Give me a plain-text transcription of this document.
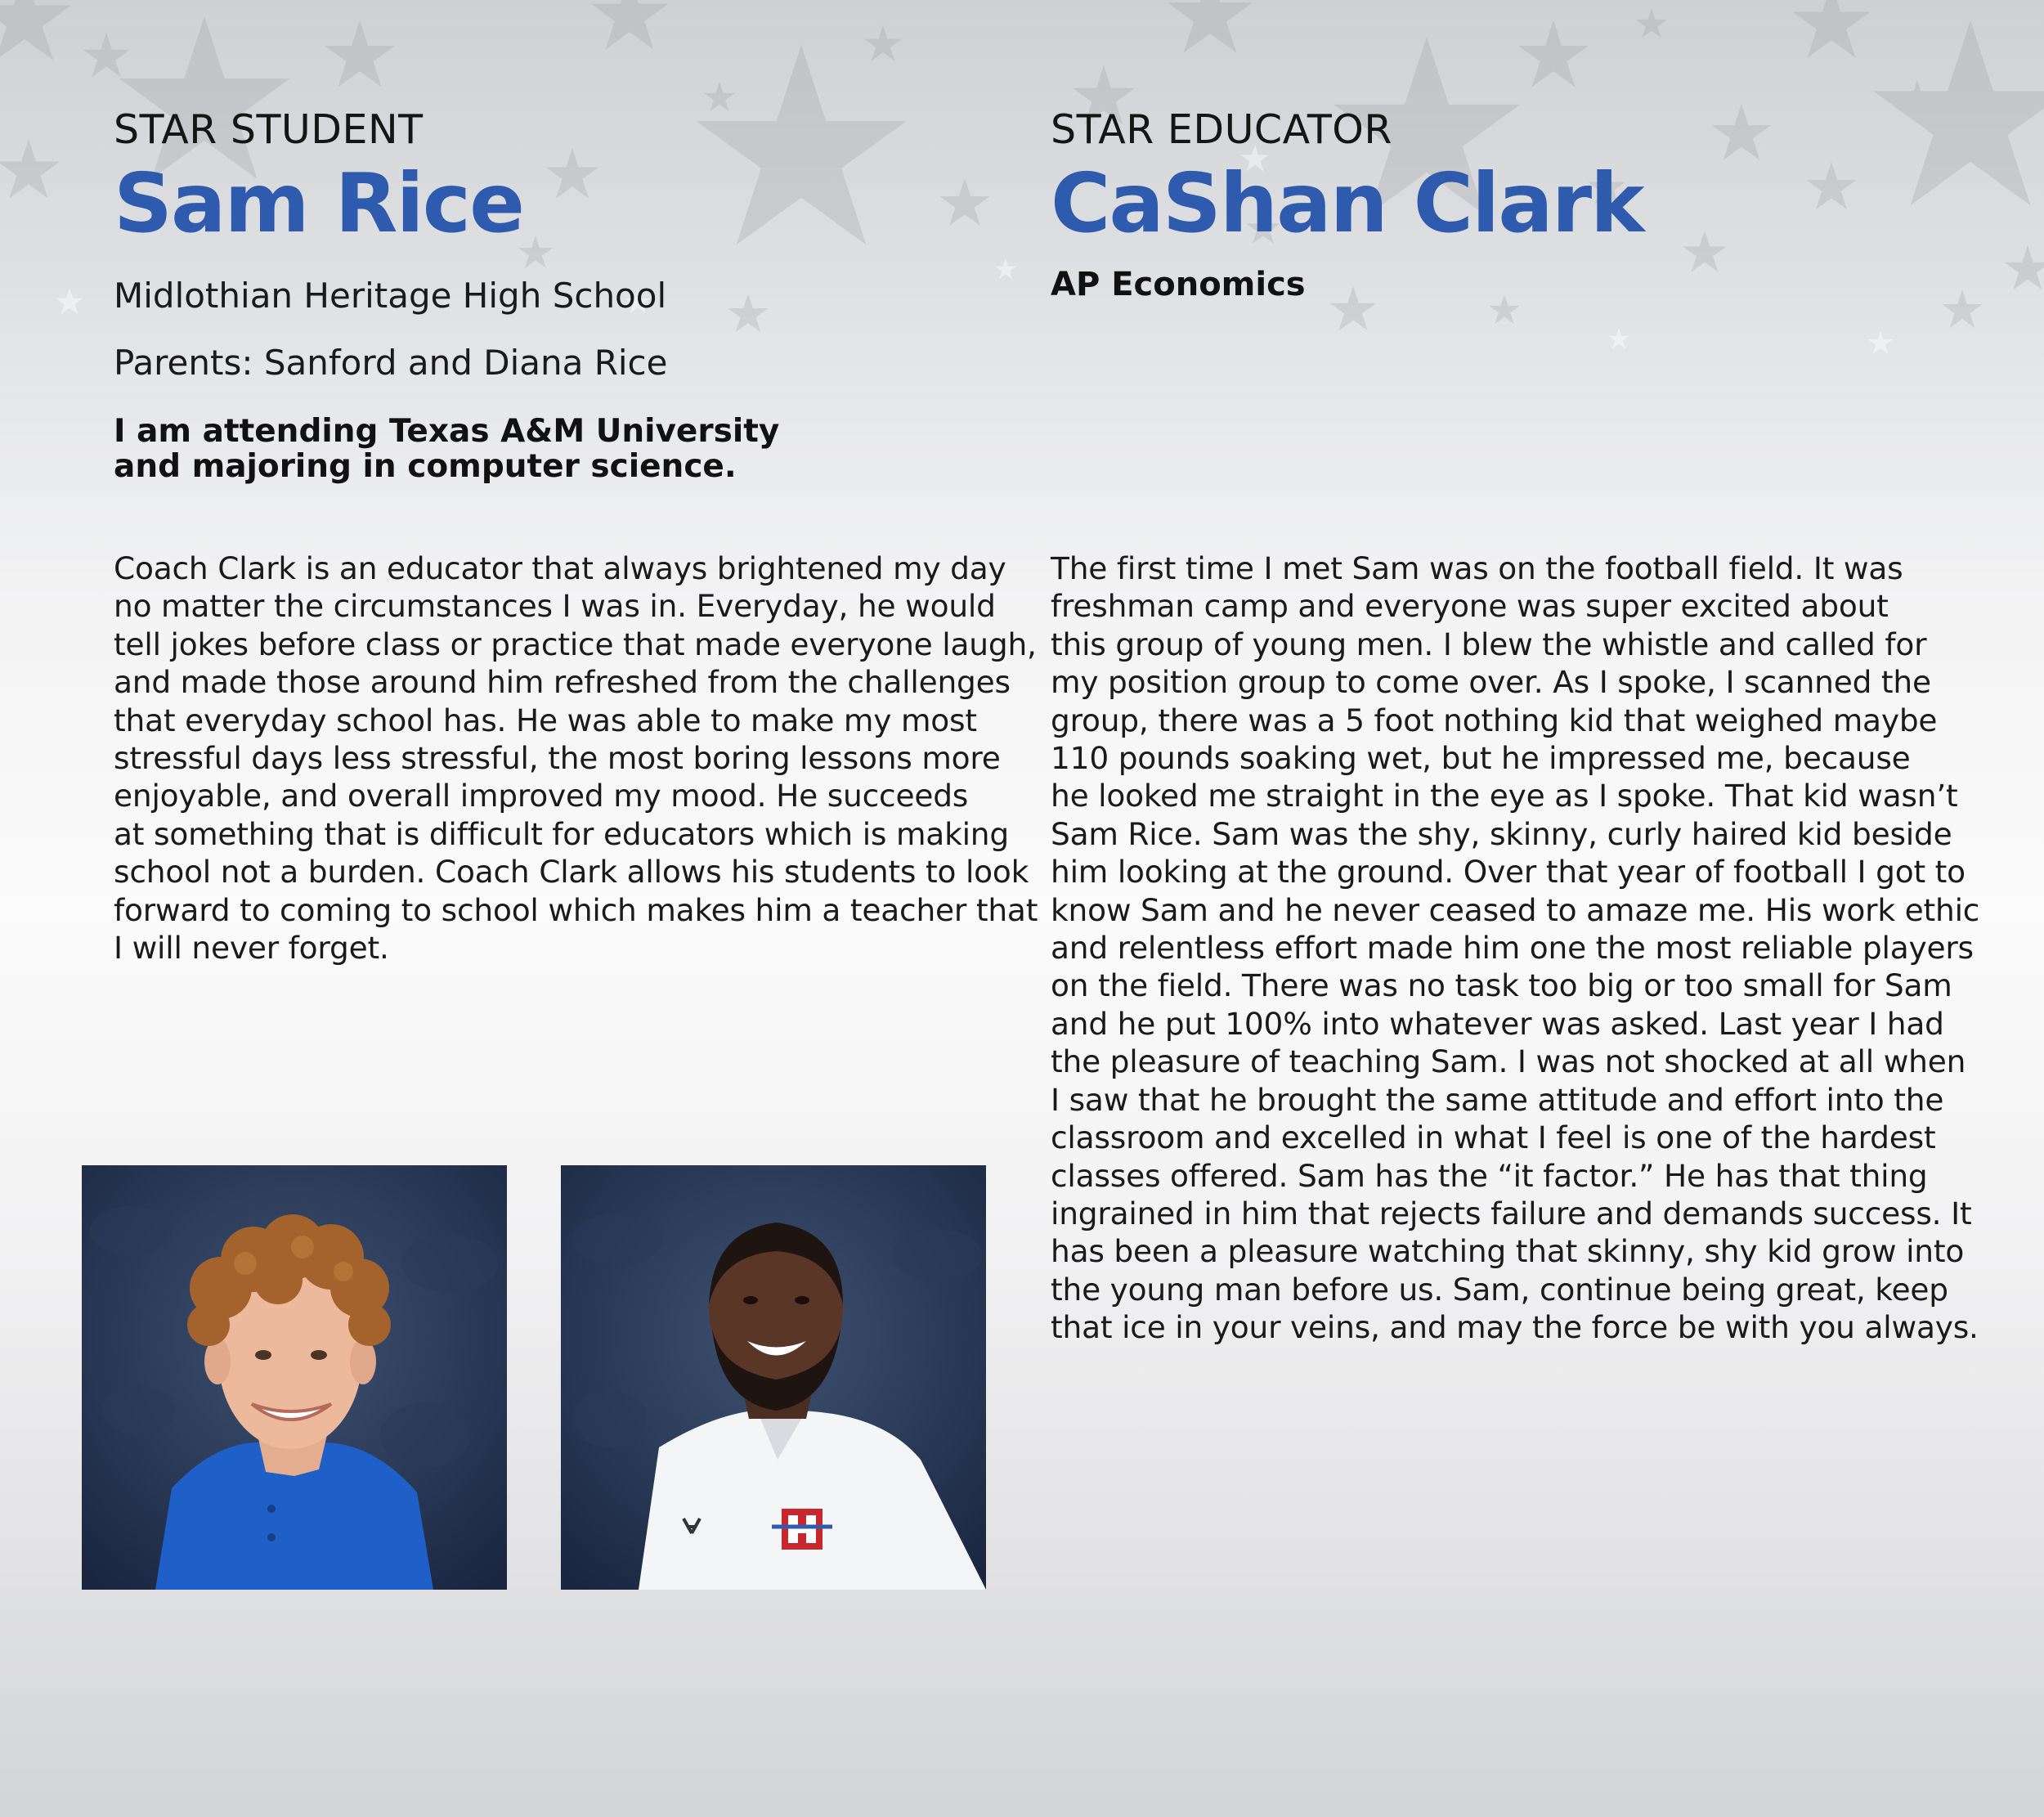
STAR STUDENT

Sam Rice

Midlothian Heritage High School

Parents: Sanford and Diana Rice

I am attending Texas A&M University and majoring in computer science.

STAR EDUCATOR

CaShan Clark

AP Economics

Coach Clark is an educator that always brightened my day
no matter the circumstances I was in. Everyday, he would
tell jokes before class or practice that made everyone laugh,
and made those around him refreshed from the challenges
that everyday school has. He was able to make my most
stressful days less stressful, the most boring lessons more
enjoyable, and overall improved my mood. He succeeds
at something that is difficult for educators which is making
school not a burden. Coach Clark allows his students to look
forward to coming to school which makes him a teacher that
I will never forget.
The first time I met Sam was on the football field. It was
freshman camp and everyone was super excited about
this group of young men. I blew the whistle and called for
my position group to come over. As I spoke, I scanned the
group, there was a 5 foot nothing kid that weighed maybe
110 pounds soaking wet, but he impressed me, because
he looked me straight in the eye as I spoke. That kid wasn’t
Sam Rice. Sam was the shy, skinny, curly haired kid beside
him looking at the ground. Over that year of football I got to
know Sam and he never ceased to amaze me. His work ethic
and relentless effort made him one the most reliable players
on the field. There was no task too big or too small for Sam
and he put 100% into whatever was asked. Last year I had
the pleasure of teaching Sam. I was not shocked at all when
I saw that he brought the same attitude and effort into the
classroom and excelled in what I feel is one of the hardest
classes offered. Sam has the “it factor.” He has that thing
ingrained in him that rejects failure and demands success. It
has been a pleasure watching that skinny, shy kid grow into
the young man before us. Sam, continue being great, keep
that ice in your veins, and may the force be with you always.
